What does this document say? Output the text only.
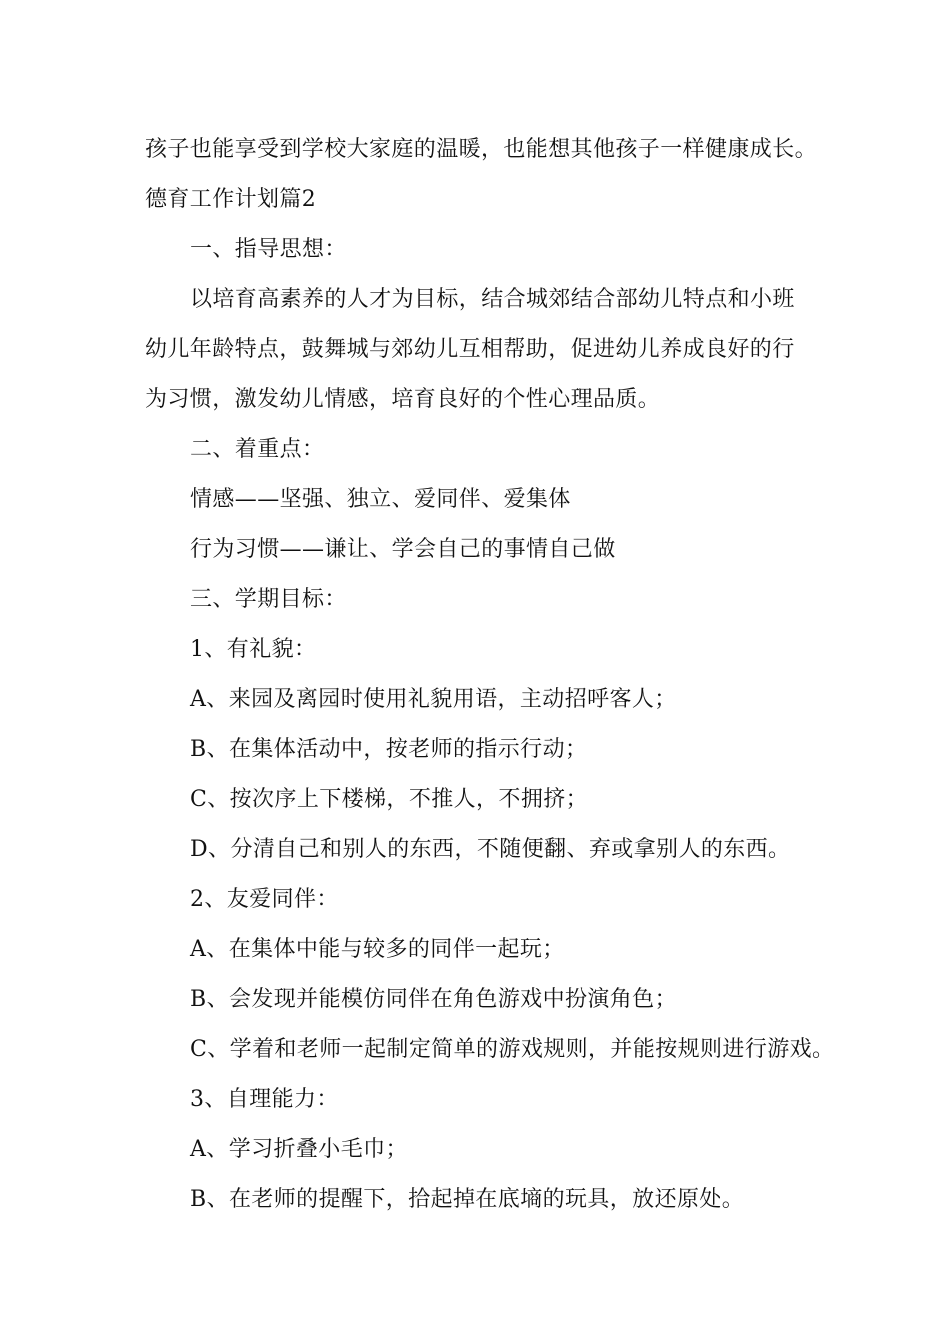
孩子也能享受到学校大家庭的温暖，也能想其他孩子一样健康成长。
德育工作计划篇2
一、指导思想：
以培育高素养的人才为目标，结合城郊结合部幼儿特点和小班
幼儿年龄特点，鼓舞城与郊幼儿互相帮助，促进幼儿养成良好的行
为习惯，激发幼儿情感，培育良好的个性心理品质。
二、着重点：
情感——坚强、独立、爱同伴、爱集体
行为习惯——谦让、学会自己的事情自己做
三、学期目标：
1、有礼貌：
A、来园及离园时使用礼貌用语，主动招呼客人；
B、在集体活动中，按老师的指示行动；
C、按次序上下楼梯，不推人，不拥挤；
D、分清自己和别人的东西，不随便翻、弃或拿别人的东西。
2、友爱同伴：
A、在集体中能与较多的同伴一起玩；
B、会发现并能模仿同伴在角色游戏中扮演角色；
C、学着和老师一起制定简单的游戏规则，并能按规则进行游戏。
3、自理能力：
A、学习折叠小毛巾；
B、在老师的提醒下，拾起掉在底墒的玩具，放还原处。
